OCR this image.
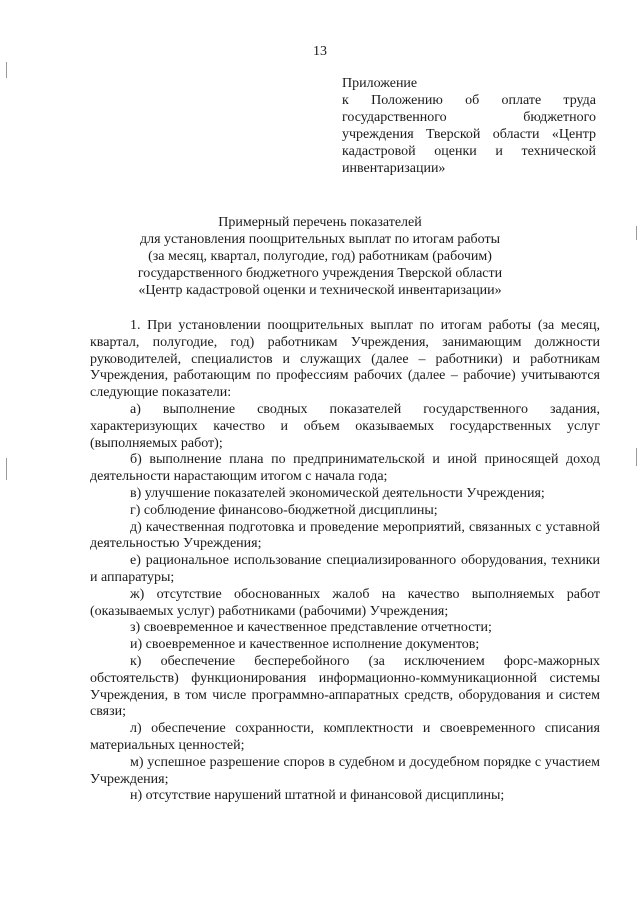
13
Приложение
к Положению об оплате труда государственного бюджетного учреждения Тверской области «Центр кадастровой оценки и технической инвентаризации»
Примерный перечень показателей
для установления поощрительных выплат по итогам работы
(за месяц, квартал, полугодие, год) работникам (рабочим)
государственного бюджетного учреждения Тверской области
«Центр кадастровой оценки и технической инвентаризации»

1. При установлении поощрительных выплат по итогам работы (за месяц, квартал, полугодие, год) работникам Учреждения, занимающим должности руководителей, специалистов и служащих (далее – работники) и работникам Учреждения, работающим по профессиям рабочих (далее – рабочие) учитываются следующие показатели:

а) выполнение сводных показателей государственного задания, характеризующих качество и объем оказываемых государственных услуг (выполняемых работ);

б) выполнение плана по предпринимательской и иной приносящей доход деятельности нарастающим итогом с начала года;

в) улучшение показателей экономической деятельности Учреждения;

г) соблюдение финансово-бюджетной дисциплины;

д) качественная подготовка и проведение мероприятий, связанных с уставной деятельностью Учреждения;

е) рациональное использование специализированного оборудования, техники и аппаратуры;

ж) отсутствие обоснованных жалоб на качество выполняемых работ (оказываемых услуг) работниками (рабочими) Учреждения;

з) своевременное и качественное представление отчетности;

и) своевременное и качественное исполнение документов;

к) обеспечение бесперебойного (за исключением форс-мажорных обстоятельств) функционирования информационно-коммуникационной системы Учреждения, в том числе программно-аппаратных средств, оборудования и систем связи;

л) обеспечение сохранности, комплектности и своевременного списания материальных ценностей;

м) успешное разрешение споров в судебном и досудебном порядке с участием Учреждения;

н) отсутствие нарушений штатной и финансовой дисциплины;
